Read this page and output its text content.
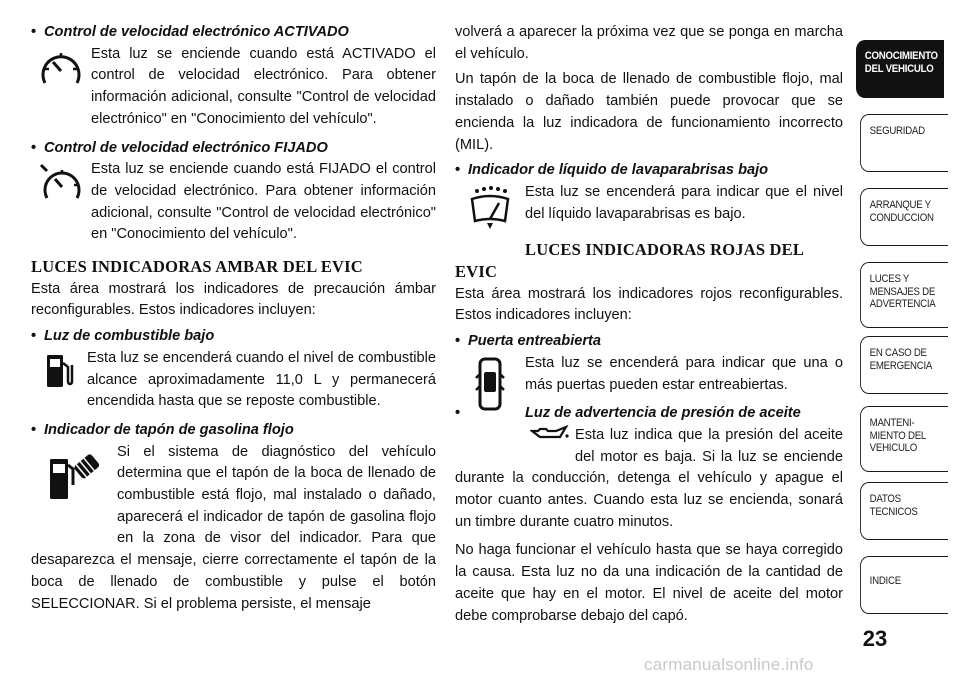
• Control de velocidad electrónico ACTIVADO

Esta luz se enciende cuando está ACTIVADO el control de velocidad electrónico. Para obtener información adicional, consulte "Control de velocidad electrónico" en "Conocimiento del vehículo".

• Control de velocidad electrónico FIJADO

Esta luz se enciende cuando está FIJADO el control de velocidad electrónico. Para obtener información adicional, consulte "Control de velocidad electrónico" en "Conocimiento del vehículo".

LUCES INDICADORAS AMBAR DEL EVIC

Esta área mostrará los indicadores de precaución ámbar reconfigurables. Estos indicadores incluyen:

• Luz de combustible bajo

Esta luz se encenderá cuando el nivel de combustible alcance aproximadamente 11,0 L y permanecerá encendida hasta que se reposte combustible.

• Indicador de tapón de gasolina flojo

Si el sistema de diagnóstico del vehículo determina que el tapón de la boca de llenado de combustible está flojo, mal instalado o dañado, aparecerá el indicador de tapón de gasolina flojo en la zona de visor del indicador. Para que desaparezca el mensaje, cierre correctamente el tapón de la boca de llenado de combustible y pulse el botón SELECCIONAR. Si el problema persiste, el mensaje

volverá a aparecer la próxima vez que se ponga en marcha el vehículo.

Un tapón de la boca de llenado de combustible flojo, mal instalado o dañado también puede provocar que se encienda la luz indicadora de funcionamiento incorrecto (MIL).

• Indicador de líquido de lavaparabrisas bajo

Esta luz se encenderá para indicar que el nivel del líquido lavaparabrisas es bajo.

LUCES INDICADORAS ROJAS DEL EVIC

Esta área mostrará los indicadores rojos reconfigurables. Estos indicadores incluyen:

• Puerta entreabierta

Esta luz se encenderá para indicar que una o más puertas pueden estar entreabiertas.

• Luz de advertencia de presión de aceite

Esta luz indica que la presión del aceite del motor es baja. Si la luz se enciende durante la conducción, detenga el vehículo y apague el motor cuanto antes. Cuando esta luz se encienda, sonará un timbre durante cuatro minutos.

No haga funcionar el vehículo hasta que se haya corregido la causa. Esta luz no da una indicación de la cantidad de aceite que hay en el motor. El nivel de aceite del motor debe comprobarse debajo del capó.

CONOCIMIENTO
DEL VEHICULO
SEGURIDAD
ARRANQUE Y
CONDUCCION
LUCES Y
MENSAJES DE
ADVERTENCIA
EN CASO DE
EMERGENCIA
MANTENI-
MIENTO DEL
VEHICULO
DATOS
TECNICOS
INDICE
23
carmanualsonline.info
